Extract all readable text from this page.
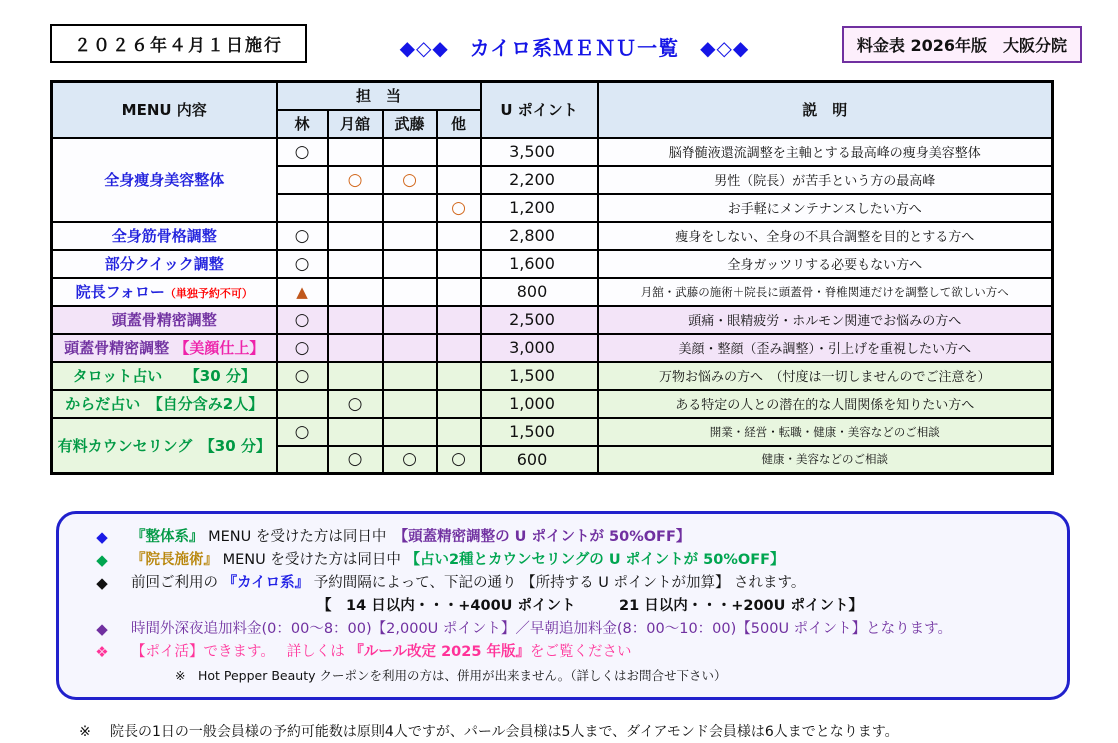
２０２６年４月１日施行	◆◇◆　カイロ系ＭＥＮＵ一覧　◆◇◆	料金表 2026年版　大阪分院
MENU 内容	担　当				U ポイント	説　明
	林	月舘	武藤	他		
全身痩身美容整体	○				3,500	脳脊髄液還流調整を主軸とする最高峰の痩身美容整体
		○	○		2,200	男性（院長）が苦手という方の最高峰
				○	1,200	お手軽にメンテナンスしたい方へ
全身筋骨格調整	○				2,800	痩身をしない、全身の不具合調整を目的とする方へ
部分クイック調整	○				1,600	全身ガッツリする必要もない方へ
院長フォロー（単独予約不可）	▲				800	月舘・武藤の施術＋院長に頭蓋骨・脊椎関連だけを調整して欲しい方へ
頭蓋骨精密調整	○				2,500	頭痛・眼精疲労・ホルモン関連でお悩みの方へ
頭蓋骨精密調整 【美顔仕上】	○				3,000	美顔・整顔（歪み調整）・引上げを重視したい方へ
タロット占い　　【30 分】	○				1,500	万物お悩みの方へ　（忖度は一切しませんのでご注意を）
からだ占い　【自分含み2人】		○			1,000	ある特定の人との潜在的な人間関係を知りたい方へ
有料カウンセリング　【30 分】	○				1,500	開業・経営・転職・健康・美容などのご相談
		○	○	○	600	健康・美容などのご相談
◆	『整体系』 MENU を受けた方は同日中　【頭蓋精密調整の U ポイントが 50%OFF】
◆	『院長施術』 MENU を受けた方は同日中 【占い2種とカウンセリングの U ポイントが 50%OFF】
◆	前回ご利用の 『カイロ系』 予約間隔によって、下記の通り 【所持する U ポイントが加算】 されます。
【　14 日以内・・・+400U ポイント　　　21 日以内・・・+200U ポイント】
◆	時間外深夜追加料金(0：00～8：00)【2,000U ポイント】／早朝追加料金(8：00～10：00)【500U ポイント】となります。
❖	【ポイ活】できます。　 詳しくは 『ルール改定 2025 年版』をご覧ください
※　Hot Pepper Beauty クーポンを利用の方は、併用が出来ません。（詳しくはお問合せ下さい）
※	院長の1日の一般会員様の予約可能数は原則4人ですが、パール会員様は5人まで、ダイアモンド会員様は6人までとなります。
